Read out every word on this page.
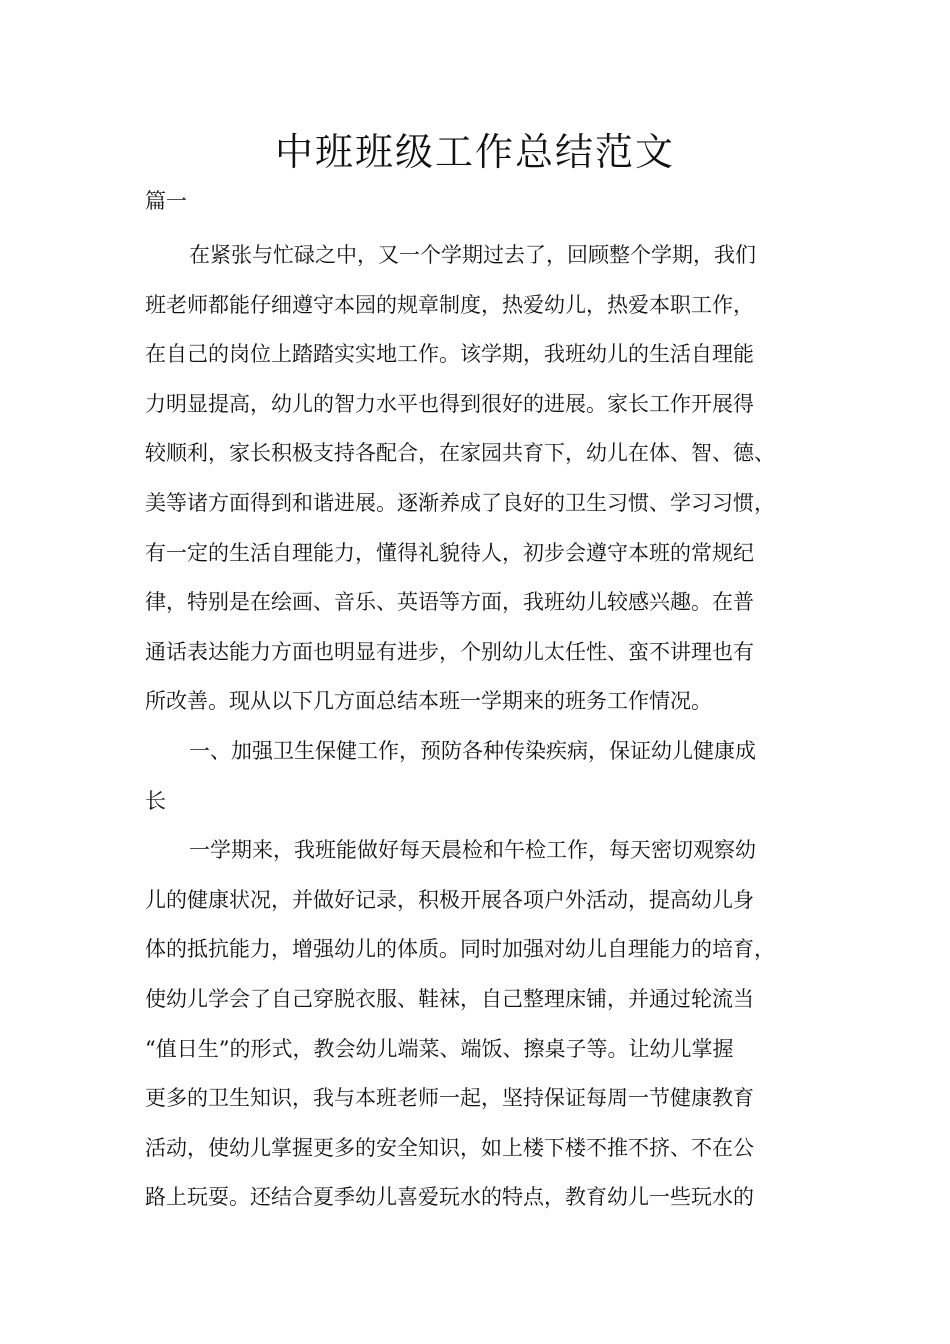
中班班级工作总结范文

篇一

在紧张与忙碌之中，又一个学期过去了，回顾整个学期，我们
班老师都能仔细遵守本园的规章制度，热爱幼儿，热爱本职工作，
在自己的岗位上踏踏实实地工作。该学期，我班幼儿的生活自理能
力明显提高，幼儿的智力水平也得到很好的进展。家长工作开展得
较顺利，家长积极支持各配合，在家园共育下，幼儿在体、智、德、
美等诸方面得到和谐进展。逐渐养成了良好的卫生习惯、学习习惯，
有一定的生活自理能力，懂得礼貌待人，初步会遵守本班的常规纪
律，特别是在绘画、音乐、英语等方面，我班幼儿较感兴趣。在普
通话表达能力方面也明显有进步，个别幼儿太任性、蛮不讲理也有
所改善。现从以下几方面总结本班一学期来的班务工作情况。
一、加强卫生保健工作，预防各种传染疾病，保证幼儿健康成
长
一学期来，我班能做好每天晨检和午检工作，每天密切观察幼
儿的健康状况，并做好记录，积极开展各项户外活动，提高幼儿身
体的抵抗能力，增强幼儿的体质。同时加强对幼儿自理能力的培育，
使幼儿学会了自己穿脱衣服、鞋袜，自己整理床铺，并通过轮流当
“值日生”的形式，教会幼儿端菜、端饭、擦桌子等。让幼儿掌握
更多的卫生知识，我与本班老师一起，坚持保证每周一节健康教育
活动，使幼儿掌握更多的安全知识，如上楼下楼不推不挤、不在公
路上玩耍。还结合夏季幼儿喜爱玩水的特点，教育幼儿一些玩水的
